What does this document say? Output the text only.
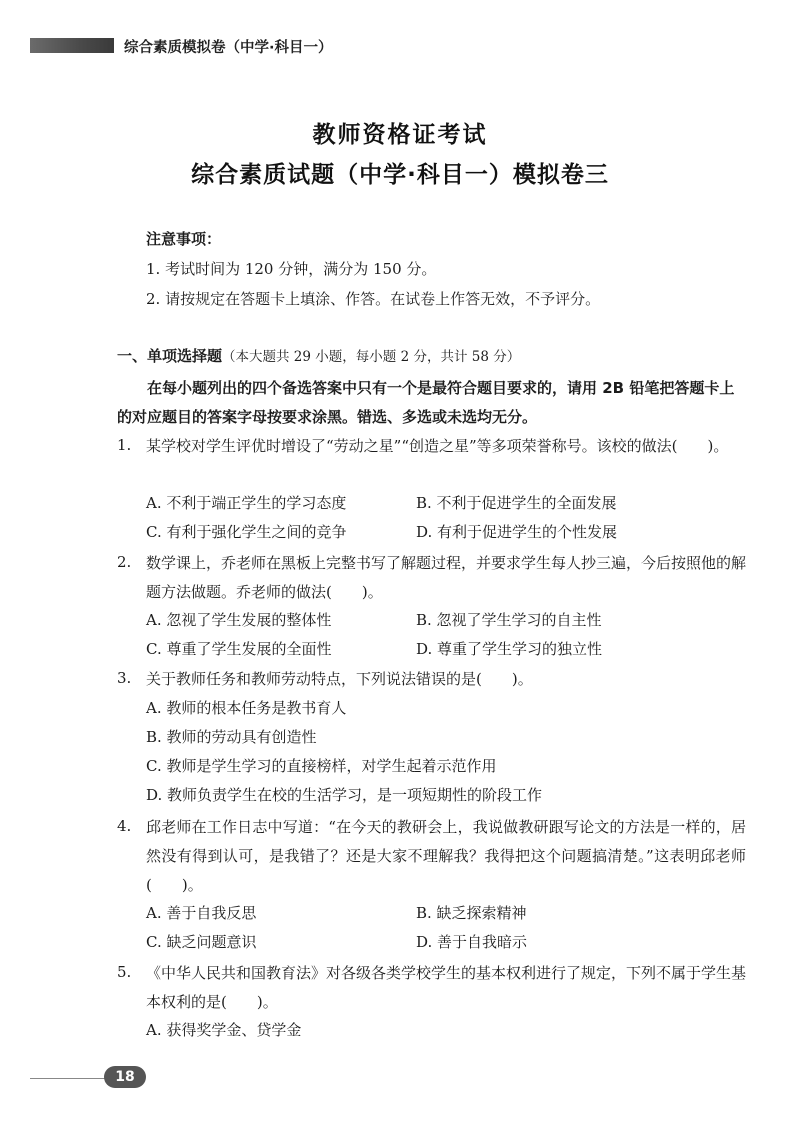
综合素质模拟卷（中学·科目一）
教师资格证考试
综合素质试题（中学·科目一）模拟卷三
注意事项：
1. 考试时间为 120 分钟，满分为 150 分。
2. 请按规定在答题卡上填涂、作答。在试卷上作答无效，不予评分。
一、单项选择题（本大题共 29 小题，每小题 2 分，共计 58 分）
在每小题列出的四个备选答案中只有一个是最符合题目要求的，请用 2B 铅笔把答题卡上的对应题目的答案字母按要求涂黑。错选、多选或未选均无分。
1. 某学校对学生评优时增设了“劳动之星”“创造之星”等多项荣誉称号。该校的做法(　　)。
A. 不利于端正学生的学习态度	B. 不利于促进学生的全面发展
C. 有利于强化学生之间的竞争	D. 有利于促进学生的个性发展
2. 数学课上，乔老师在黑板上完整书写了解题过程，并要求学生每人抄三遍，今后按照他的解题方法做题。乔老师的做法(　　)。
A. 忽视了学生发展的整体性	B. 忽视了学生学习的自主性
C. 尊重了学生发展的全面性	D. 尊重了学生学习的独立性
3. 关于教师任务和教师劳动特点，下列说法错误的是(　　)。
A. 教师的根本任务是教书育人
B. 教师的劳动具有创造性
C. 教师是学生学习的直接榜样，对学生起着示范作用
D. 教师负责学生在校的生活学习，是一项短期性的阶段工作
4. 邱老师在工作日志中写道：“在今天的教研会上，我说做教研跟写论文的方法是一样的，居然没有得到认可，是我错了？还是大家不理解我？我得把这个问题搞清楚。”这表明邱老师(　　)。
A. 善于自我反思	B. 缺乏探索精神
C. 缺乏问题意识	D. 善于自我暗示
5. 《中华人民共和国教育法》对各级各类学校学生的基本权利进行了规定，下列不属于学生基本权利的是(　　)。
A. 获得奖学金、贷学金
18
